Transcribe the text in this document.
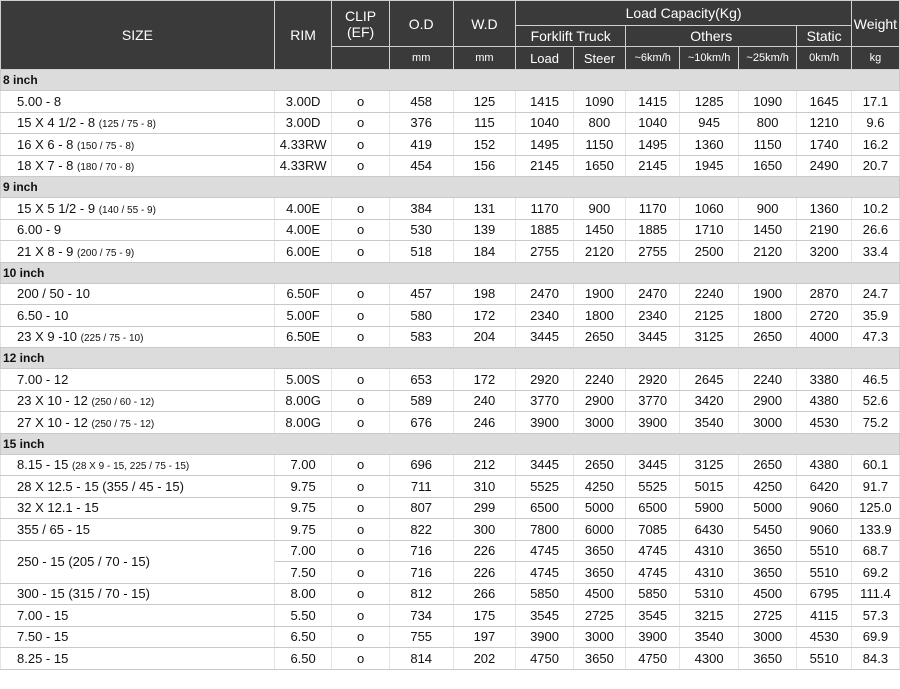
SIZE	RIM	CLIP
(EF)	O.D	W.D	Load Capacity(Kg)						Weight
					Forklift Truck		Others			Static	
			mm	mm	Load	Steer	~6km/h	~10km/h	~25km/h	0km/h	kg
8 inch											
5.00 - 8	3.00D	o	458	125	1415	1090	1415	1285	1090	1645	17.1
15 X 4 1/2 - 8 (125 / 75 - 8)	3.00D	o	376	115	1040	800	1040	945	800	1210	9.6
16 X 6 - 8 (150 / 75 - 8)	4.33RW	o	419	152	1495	1150	1495	1360	1150	1740	16.2
18 X 7 - 8 (180 / 70 - 8)	4.33RW	o	454	156	2145	1650	2145	1945	1650	2490	20.7
9 inch											
15 X 5 1/2 - 9 (140 / 55 - 9)	4.00E	o	384	131	1170	900	1170	1060	900	1360	10.2
6.00 - 9	4.00E	o	530	139	1885	1450	1885	1710	1450	2190	26.6
21 X 8 - 9 (200 / 75 - 9)	6.00E	o	518	184	2755	2120	2755	2500	2120	3200	33.4
10 inch											
200 / 50 - 10	6.50F	o	457	198	2470	1900	2470	2240	1900	2870	24.7
6.50 - 10	5.00F	o	580	172	2340	1800	2340	2125	1800	2720	35.9
23 X 9 -10 (225 / 75 - 10)	6.50E	o	583	204	3445	2650	3445	3125	2650	4000	47.3
12 inch											
7.00 - 12	5.00S	o	653	172	2920	2240	2920	2645	2240	3380	46.5
23 X 10 - 12 (250 / 60 - 12)	8.00G	o	589	240	3770	2900	3770	3420	2900	4380	52.6
27 X 10 - 12 (250 / 75 - 12)	8.00G	o	676	246	3900	3000	3900	3540	3000	4530	75.2
15 inch											
8.15 - 15 (28 X 9 - 15, 225 / 75 - 15)	7.00	o	696	212	3445	2650	3445	3125	2650	4380	60.1
28 X 12.5 - 15 (355 / 45 - 15)	9.75	o	711	310	5525	4250	5525	5015	4250	6420	91.7
32 X 12.1 - 15	9.75	o	807	299	6500	5000	6500	5900	5000	9060	125.0
355 / 65 - 15	9.75	o	822	300	7800	6000	7085	6430	5450	9060	133.9
250 - 15 (205 / 70 - 15)	7.00	o	716	226	4745	3650	4745	4310	3650	5510	68.7
	7.50	o	716	226	4745	3650	4745	4310	3650	5510	69.2
300 - 15 (315 / 70 - 15)	8.00	o	812	266	5850	4500	5850	5310	4500	6795	111.4
7.00 - 15	5.50	o	734	175	3545	2725	3545	3215	2725	4115	57.3
7.50 - 15	6.50	o	755	197	3900	3000	3900	3540	3000	4530	69.9
8.25 - 15	6.50	o	814	202	4750	3650	4750	4300	3650	5510	84.3
